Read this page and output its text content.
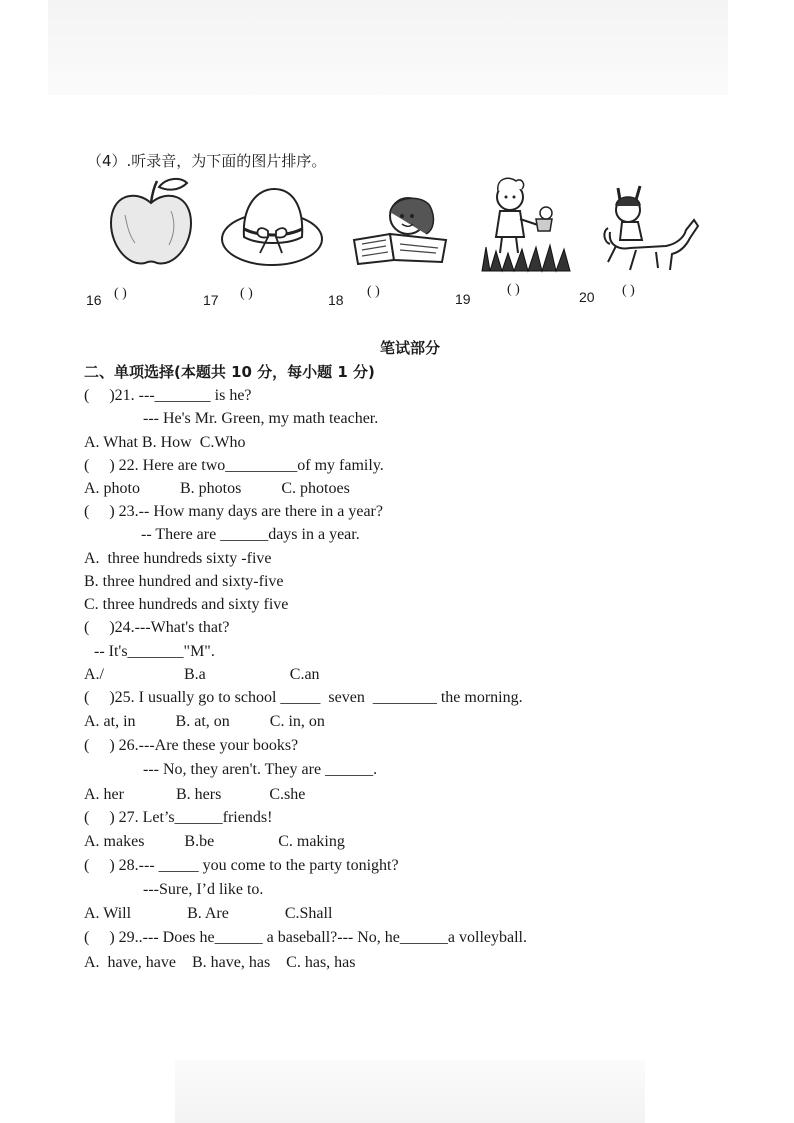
（4）.听录音，为下面的图片排序。
16 ( )	17 ( )	18
( )	19
( )	20 ( )
笔试部分
二、单项选择(本题共 10 分，每小题 1 分)
(     )21. ---_______ is he?
--- He's Mr. Green, my math teacher.
A. What B. How  C.Who
(     ) 22. Here are two_________of my family.
A. photo          B. photos          C. photoes
(     ) 23.-- How many days are there in a year?
-- There are ______days in a year.
A.  three hundreds sixty -five
B. three hundred and sixty-five
C. three hundreds and sixty five
(     )24.---What's that?
-- It's_______"M".
A./                    B.a                     C.an
(     )25. I usually go to school _____  seven  ________ the morning.
A. at, in          B. at, on          C. in, on
(     ) 26.---Are these your books?
--- No, they aren't. They are ______.
A. her             B. hers            C.she
(     ) 27. Let’s______friends!
A. makes          B.be                C. making
(     ) 28.--- _____ you come to the party tonight?
---Sure, I’d like to.
A. Will              B. Are              C.Shall
(     ) 29..--- Does he______ a baseball?--- No, he______a volleyball.
A.  have, have    B. have, has    C. has, has
